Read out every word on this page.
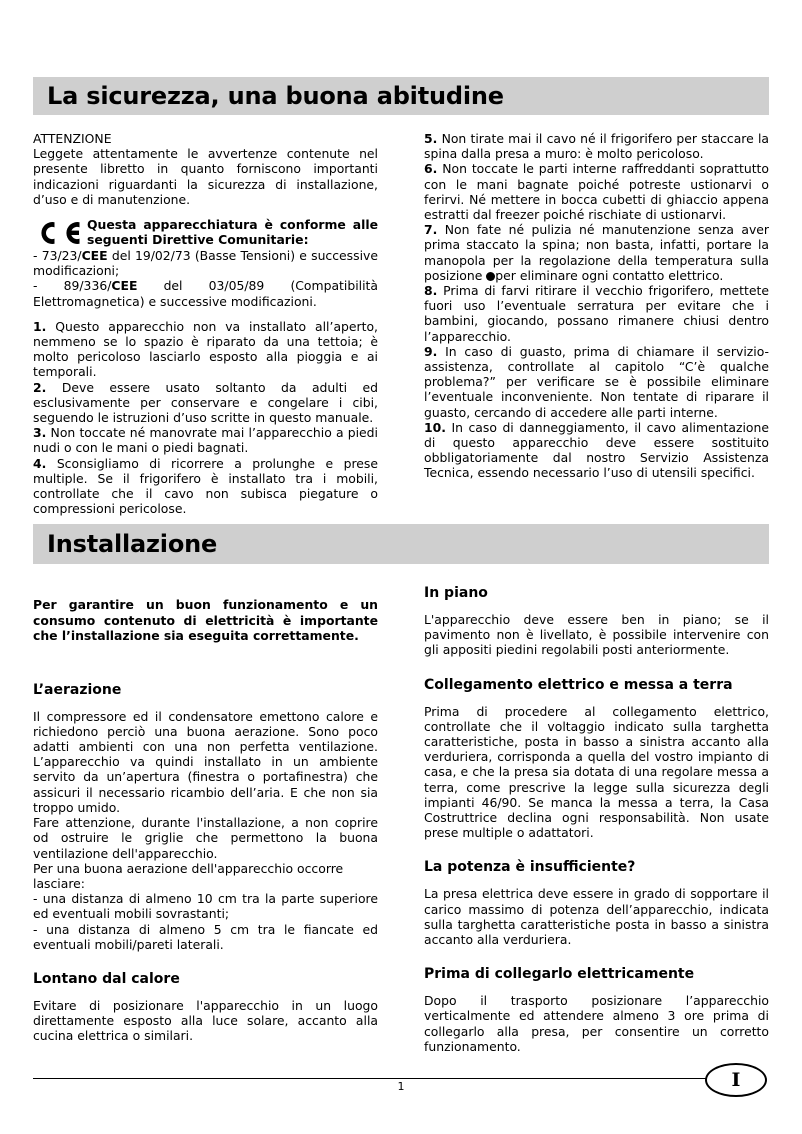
La sicurezza, una buona abitudine

ATTENZIONE

Leggete attentamente le avvertenze contenute nel presente libretto in quanto forniscono importanti indicazioni riguardanti la sicurezza di installazione, d’uso e di manutenzione.

Questa apparecchiatura è conforme alle seguenti Direttive Comunitarie:

- 73/23/CEE del 19/02/73 (Basse Tensioni) e successive modificazioni;

- 89/336/CEE del 03/05/89 (Compatibilità Elettromagnetica) e successive modificazioni.

1. Questo apparecchio non va installato all’aperto, nemmeno se lo spazio è riparato da una tettoia; è molto pericoloso lasciarlo esposto alla pioggia e ai temporali.

2. Deve essere usato soltanto da adulti ed esclusivamente per conservare e congelare i cibi, seguendo le istruzioni d’uso scritte in questo manuale.

3. Non toccate né manovrate mai l’apparecchio a piedi nudi o con le mani o piedi bagnati.

4. Sconsigliamo di ricorrere a prolunghe e prese multiple. Se il frigorifero è installato tra i mobili, controllate che il cavo non subisca piegature o compressioni pericolose.

5. Non tirate mai il cavo né il frigorifero per staccare la spina dalla presa a muro: è molto pericoloso.

6. Non toccate le parti interne raffreddanti soprattutto con le mani bagnate poiché potreste ustionarvi o ferirvi. Né mettere in bocca cubetti di ghiaccio appena estratti dal freezer poiché rischiate di ustionarvi.

7. Non fate né pulizia né manutenzione senza aver prima staccato la spina; non basta, infatti, portare la manopola per la regolazione della temperatura sulla posizione per eliminare ogni contatto elettrico.

8. Prima di farvi ritirare il vecchio frigorifero, mettete fuori uso l’eventuale serratura per evitare che i bambini, giocando, possano rimanere chiusi dentro l’apparecchio.

9. In caso di guasto, prima di chiamare il servizio-assistenza, controllate al capitolo “C’è qualche problema?” per verificare se è possibile eliminare l’eventuale inconveniente. Non tentate di riparare il guasto, cercando di accedere alle parti interne.

10. In caso di danneggiamento, il cavo alimentazione di questo apparecchio deve essere sostituito obbligatoriamente dal nostro Servizio Assistenza Tecnica, essendo necessario l’uso di utensili specifici.

Installazione

Per garantire un buon funzionamento e un consumo contenuto di elettricità è importante che l’installazione sia eseguita correttamente.

L’aerazione

Il compressore ed il condensatore emettono calore e richiedono perciò una buona aerazione. Sono poco adatti ambienti con una non perfetta ventilazione. L’apparecchio va quindi installato in un ambiente servito da un’apertura (finestra o portafinestra) che assicuri il necessario ricambio dell’aria. E che non sia troppo umido.

Fare attenzione, durante l'installazione, a non coprire od ostruire le griglie che permettono la buona ventilazione dell'apparecchio.

Per una buona aerazione dell'apparecchio occorre lasciare:

- una distanza di almeno 10 cm tra la parte superiore ed eventuali mobili sovrastanti;

- una distanza di almeno 5 cm tra le fiancate ed eventuali mobili/pareti laterali.

Lontano dal calore

Evitare di posizionare l'apparecchio in un luogo direttamente esposto alla luce solare, accanto alla cucina elettrica o similari.

In piano

L'apparecchio deve essere ben in piano; se il pavimento non è livellato, è possibile intervenire con gli appositi piedini regolabili posti anteriormente.

Collegamento elettrico e messa a terra

Prima di procedere al collegamento elettrico, controllate che il voltaggio indicato sulla targhetta caratteristiche, posta in basso a sinistra accanto alla verduriera, corrisponda a quella del vostro impianto di casa, e che la presa sia dotata di una regolare messa a terra, come prescrive la legge sulla sicurezza degli impianti 46/90. Se manca la messa a terra, la Casa Costruttrice declina ogni responsabilità. Non usate prese multiple o adattatori.

La potenza è insufficiente?

La presa elettrica deve essere in grado di sopportare il carico massimo di potenza dell’apparecchio, indicata sulla targhetta caratteristiche posta in basso a sinistra accanto alla verduriera.

Prima di collegarlo elettricamente

Dopo il trasporto posizionare l’apparecchio verticalmente ed attendere almeno 3 ore prima di collegarlo alla presa, per consentire un corretto funzionamento.

1	I
